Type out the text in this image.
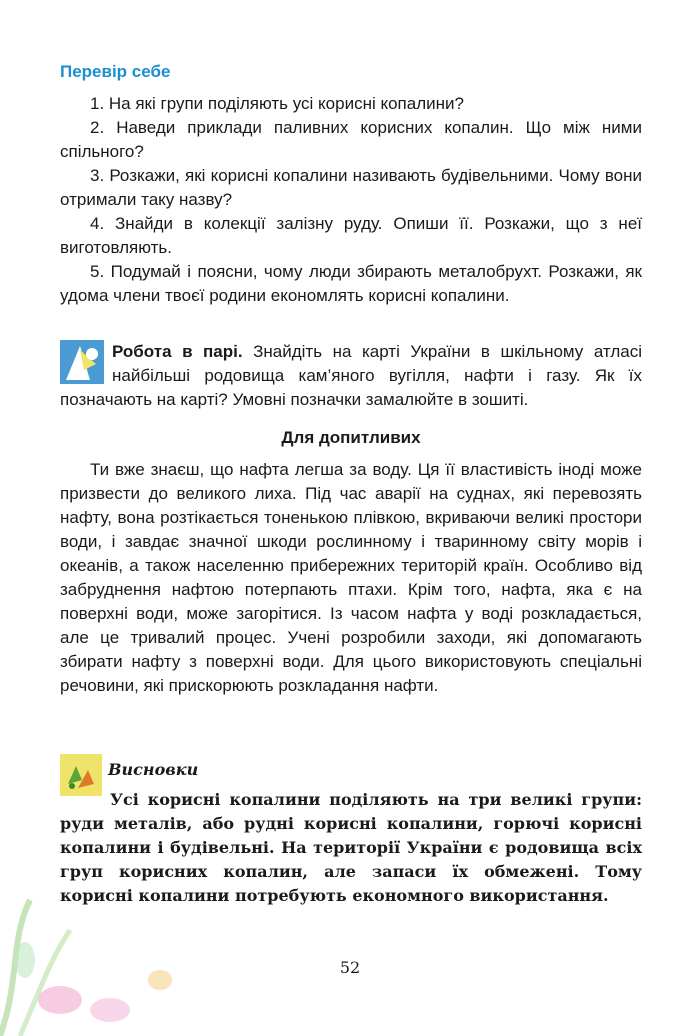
Перевір себе

1. На які групи поділяють усі корисні копалини?

2. Наведи приклади паливних корисних копалин. Що між ними спільного?

3. Розкажи, які корисні копалини називають будівельними. Чому вони отримали таку назву?

4. Знайди в колекції залізну руду. Опиши її. Розкажи, що з неї виготовляють.

5. Подумай і поясни, чому люди збирають металобрухт. Розкажи, як удома члени твоєї родини економлять корисні копалини.

Робота в парі. Знайдіть на карті України в шкільному атласі найбільші родовища кам’яного вугілля, нафти і газу. Як їх позначають на карті? Умовні позначки замалюйте в зошиті.
Для допитливих

Ти вже знаєш, що нафта легша за воду. Ця її властивість іноді може призвести до великого лиха. Під час аварії на суднах, які перевозять нафту, вона розтікається тоненькою плівкою, вкриваючи великі простори води, і завдає значної шкоди рослинному і тваринному світу морів і океанів, а також населенню прибережних територій країн. Особливо від забруднення нафтою потерпають птахи. Крім того, нафта, яка є на поверхні води, може загорітися. Із часом нафта у воді розкладається, але це тривалий процес. Учені розробили заходи, які допомагають збирати нафту з поверхні води. Для цього використовують спеціальні речовини, які прискорюють розкладання нафти.

Висновки

Усі корисні копалини поділяють на три великі групи: руди металів, або рудні корисні копалини, горючі корисні копалини і будівельні. На території України є родовища всіх груп корисних копалин, але запаси їх обмежені. Тому корисні копалини потребують економного використання.

52
